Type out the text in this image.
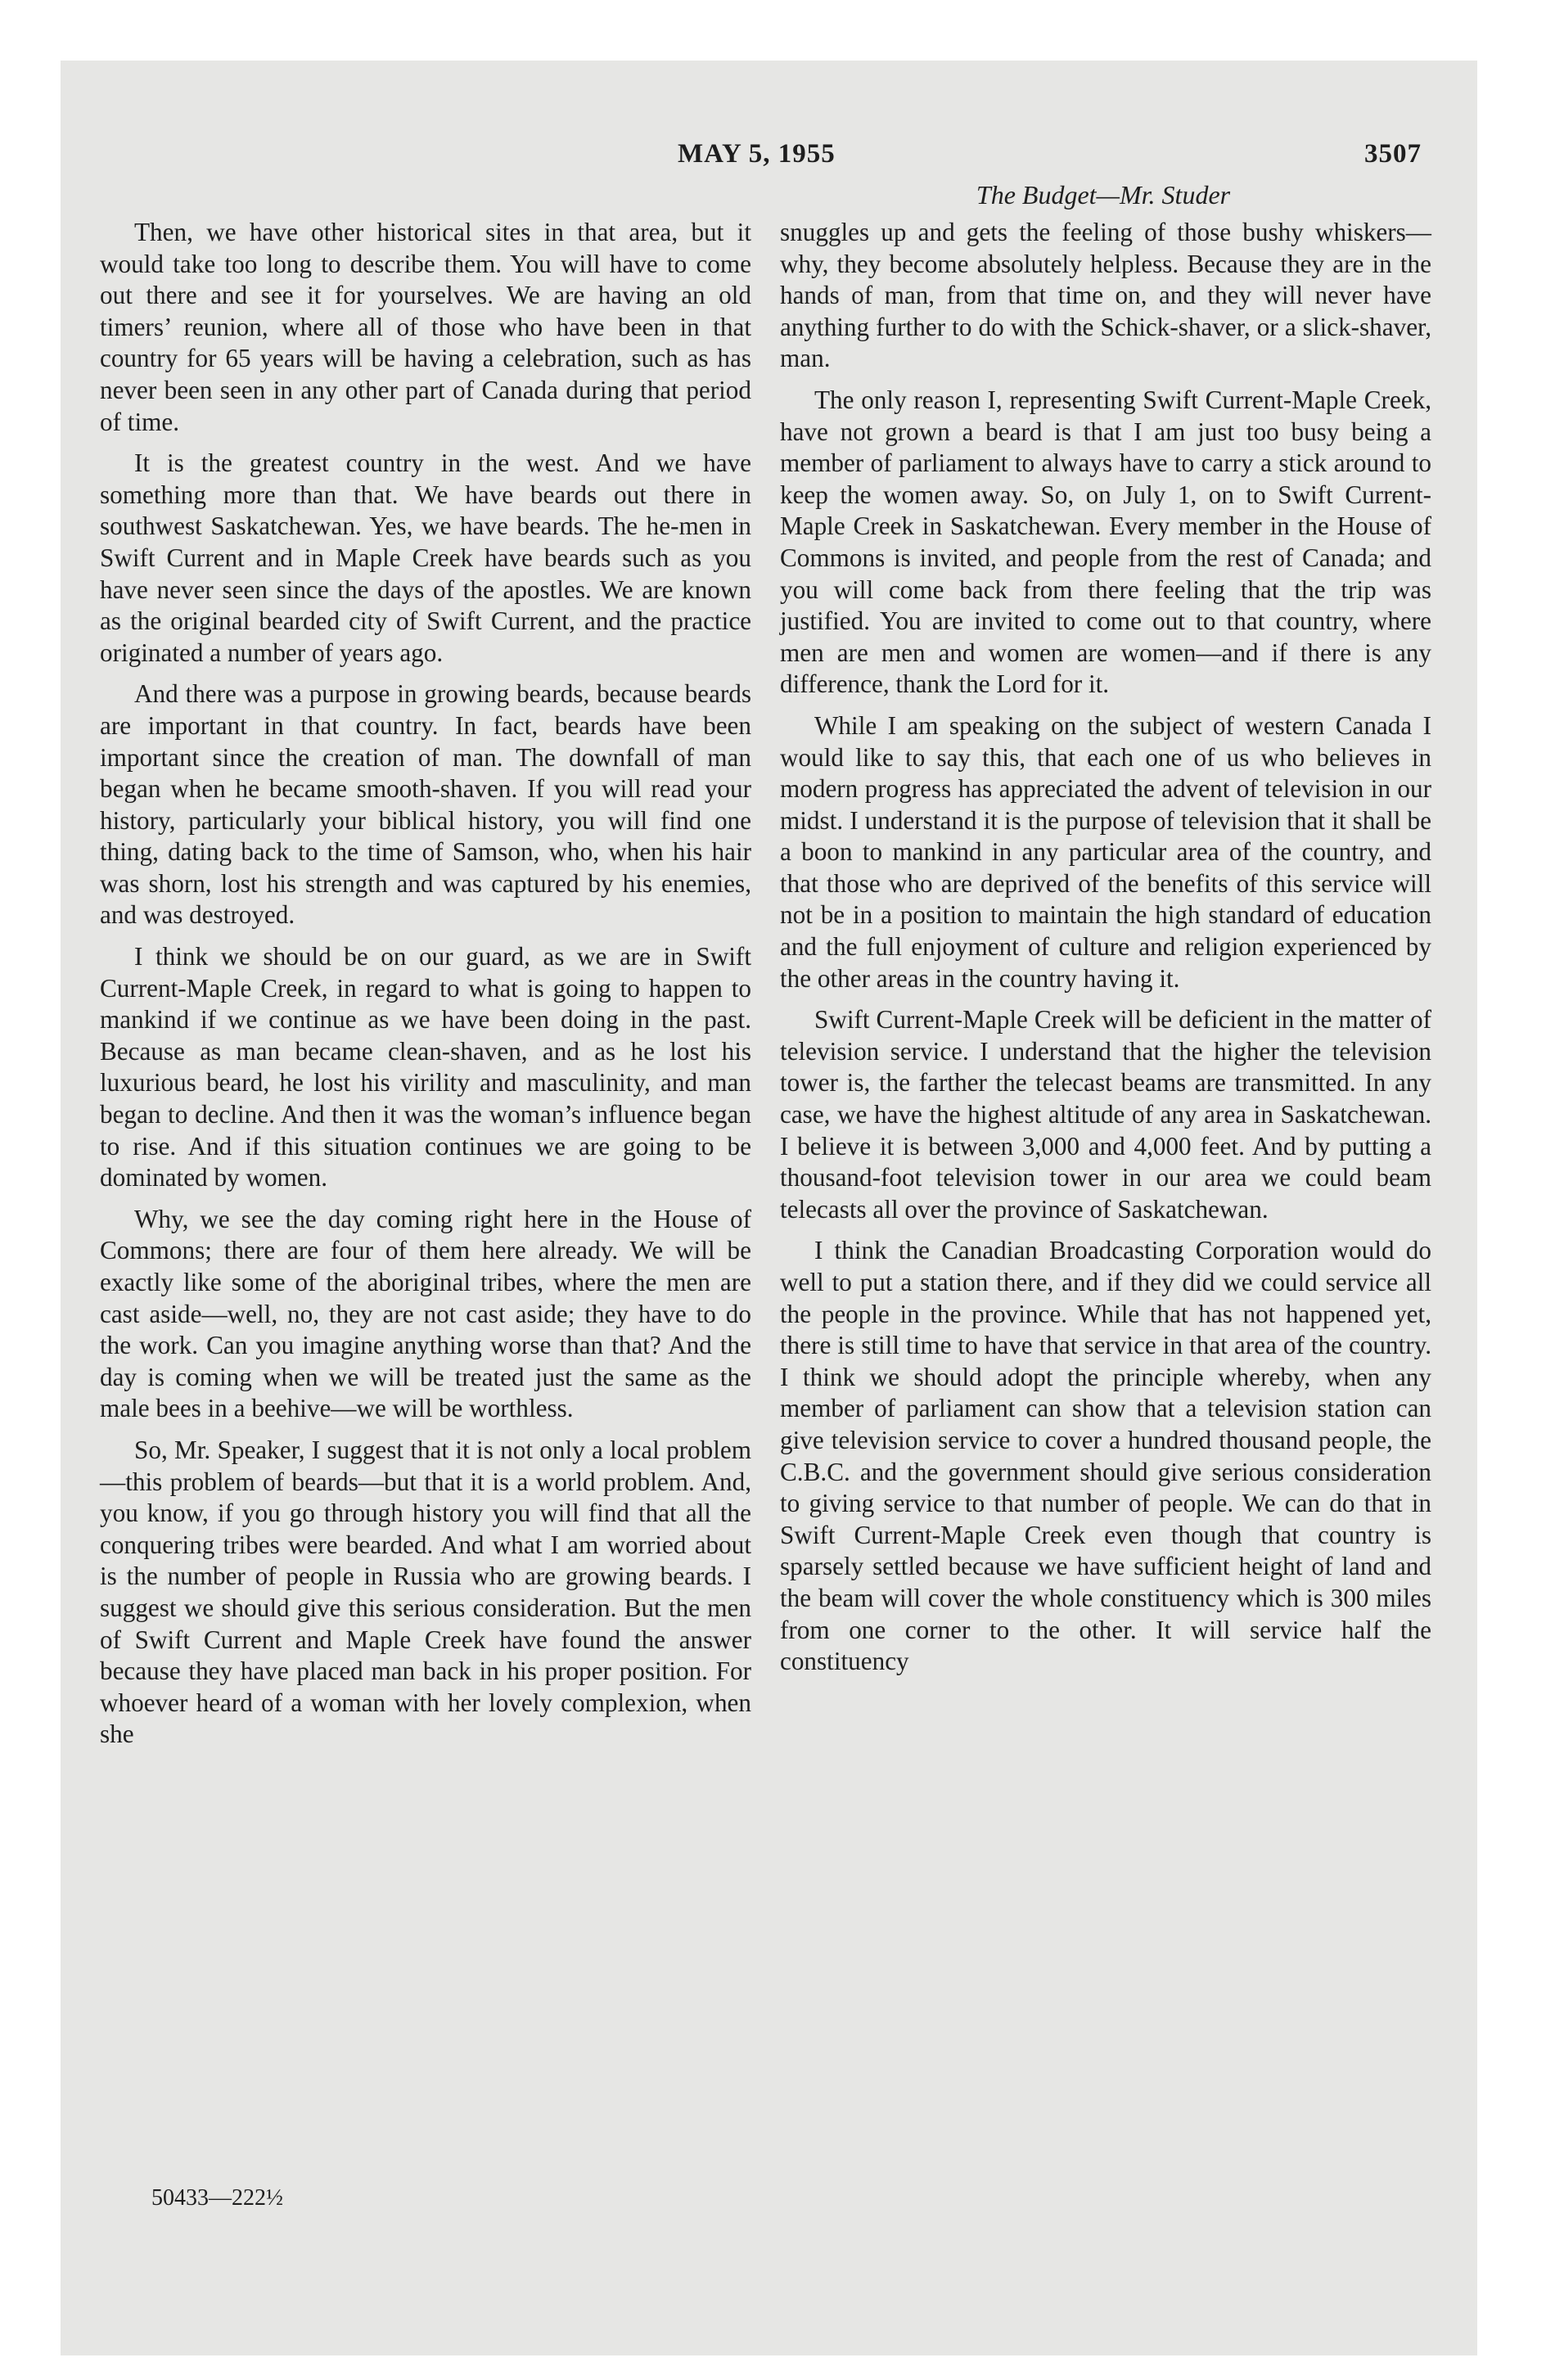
MAY 5, 1955	3507
The Budget—Mr. Studer

Then, we have other historical sites in that area, but it would take too long to describe them. You will have to come out there and see it for yourselves. We are having an old timers’ reunion, where all of those who have been in that country for 65 years will be having a celebration, such as has never been seen in any other part of Canada during that period of time.

It is the greatest country in the west. And we have something more than that. We have beards out there in southwest Saskatchewan. Yes, we have beards. The he-men in Swift Current and in Maple Creek have beards such as you have never seen since the days of the apostles. We are known as the original bearded city of Swift Current, and the practice originated a number of years ago.

And there was a purpose in growing beards, because beards are important in that country. In fact, beards have been important since the creation of man. The downfall of man began when he became smooth-shaven. If you will read your history, particularly your biblical history, you will find one thing, dating back to the time of Samson, who, when his hair was shorn, lost his strength and was captured by his enemies, and was destroyed.

I think we should be on our guard, as we are in Swift Current-Maple Creek, in regard to what is going to happen to mankind if we continue as we have been doing in the past. Because as man became clean-shaven, and as he lost his luxurious beard, he lost his virility and masculinity, and man began to decline. And then it was the woman’s influence began to rise. And if this situation continues we are going to be dominated by women.

Why, we see the day coming right here in the House of Commons; there are four of them here already. We will be exactly like some of the aboriginal tribes, where the men are cast aside—well, no, they are not cast aside; they have to do the work. Can you imagine anything worse than that? And the day is coming when we will be treated just the same as the male bees in a beehive—we will be worthless.

So, Mr. Speaker, I suggest that it is not only a local problem—this problem of beards—but that it is a world problem. And, you know, if you go through history you will find that all the conquering tribes were bearded. And what I am worried about is the number of people in Russia who are growing beards. I suggest we should give this serious consideration. But the men of Swift Current and Maple Creek have found the answer because they have placed man back in his proper position. For whoever heard of a woman with her lovely complexion, when she

snuggles up and gets the feeling of those bushy whiskers—why, they become absolutely helpless. Because they are in the hands of man, from that time on, and they will never have anything further to do with the Schick-shaver, or a slick-shaver, man.

The only reason I, representing Swift Current-Maple Creek, have not grown a beard is that I am just too busy being a member of parliament to always have to carry a stick around to keep the women away. So, on July 1, on to Swift Current-Maple Creek in Saskatchewan. Every member in the House of Commons is invited, and people from the rest of Canada; and you will come back from there feeling that the trip was justified. You are invited to come out to that country, where men are men and women are women—and if there is any difference, thank the Lord for it.

While I am speaking on the subject of western Canada I would like to say this, that each one of us who believes in modern progress has appreciated the advent of television in our midst. I understand it is the purpose of television that it shall be a boon to mankind in any particular area of the country, and that those who are deprived of the benefits of this service will not be in a position to maintain the high standard of education and the full enjoyment of culture and religion experienced by the other areas in the country having it.

Swift Current-Maple Creek will be deficient in the matter of television service. I understand that the higher the television tower is, the farther the telecast beams are transmitted. In any case, we have the highest altitude of any area in Saskatchewan. I believe it is between 3,000 and 4,000 feet. And by putting a thousand-foot television tower in our area we could beam telecasts all over the province of Saskatchewan.

I think the Canadian Broadcasting Corporation would do well to put a station there, and if they did we could service all the people in the province. While that has not happened yet, there is still time to have that service in that area of the country. I think we should adopt the principle whereby, when any member of parliament can show that a television station can give television service to cover a hundred thousand people, the C.B.C. and the government should give serious consideration to giving service to that number of people. We can do that in Swift Current-Maple Creek even though that country is sparsely settled because we have sufficient height of land and the beam will cover the whole constituency which is 300 miles from one corner to the other. It will service half the constituency

50433—222½
